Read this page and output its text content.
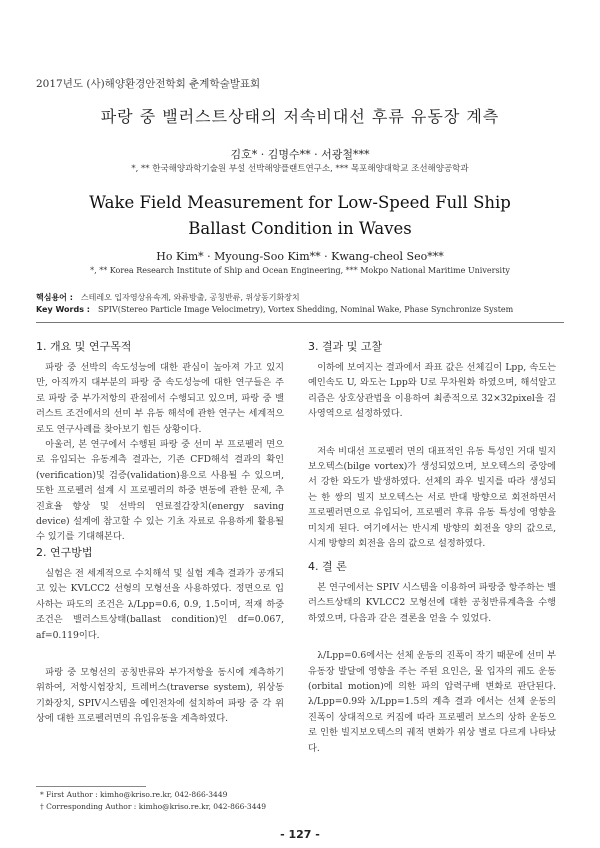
2017년도 (사)해양환경안전학회 춘계학술발표회
파랑 중 밸러스트상태의 저속비대선 후류 유동장 계측
김호* · 김명수** · 서광철***
*, ** 한국해양과학기술원 부설 선박해양플랜트연구소, *** 목포해양대학교 조선해양공학과
Wake Field Measurement for Low-Speed Full Ship
Ballast Condition in Waves
Ho Kim* · Myoung-Soo Kim** · Kwang-cheol Seo***
*, ** Korea Research Institute of Ship and Ocean Engineering, *** Mokpo National Maritime University
핵심용어 : 스테레오 입자영상유속계, 와류방출, 공칭반류, 위상동기화장치
Key Words : SPIV(Stereo Particle Image Velocimetry), Vortex Shedding, Nominal Wake, Phase Synchronize System
1. 개요 및 연구목적

파랑 중 선박의 속도성능에 대한 관심이 높아져 가고 있지만, 아직까지 대부분의 파랑 중 속도성능에 대한 연구들은 주로 파랑 중 부가저항의 관점에서 수행되고 있으며, 파랑 중 밸러스트 조건에서의 선미 부 유동 해석에 관한 연구는 세계적으로도 연구사례를 찾아보기 힘든 상황이다.

아울러, 본 연구에서 수행된 파랑 중 선미 부 프로펠러 면으로 유입되는 유동계측 결과는, 기존 CFD해석 결과의 확인(verification)및 검증(validation)용으로 사용될 수 있으며, 또한 프로펠러 설계 시 프로펠러의 하중 변동에 관한 문제, 추진효율 향상 및 선박의 연료절감장치(energy saving device) 설계에 참고할 수 있는 기초 자료로 유용하게 활용될 수 있기를 기대해본다.

2. 연구방법

실험은 전 세계적으로 수치해석 및 실험 계측 결과가 공개되고 있는 KVLCC2 선형의 모형선을 사용하였다. 정면으로 입사하는 파도의 조건은 λ/Lpp=0.6, 0.9, 1.5이며, 적재 하중 조건은 밸러스트상태(ballast condition)인 df=0.067, af=0.119이다.

파랑 중 모형선의 공칭반류와 부가저항을 동시에 계측하기 위하여, 저항시험장치, 트레버스(traverse system), 위상동기화장치, SPIV시스템을 예인전차에 설치하여 파랑 중 각 위상에 대한 프로펠러면의 유입유동을 계측하였다.

3. 결과 및 고찰

이하에 보여지는 결과에서 좌표 값은 선체길이 Lpp, 속도는 예인속도 U, 와도는 Lpp와 U로 무차원화 하였으며, 해석알고리즘은 상호상관법을 이용하여 최종적으로 32×32pixel을 검사영역으로 설정하였다.

저속 비대선 프로펠러 면의 대표적인 유동 특성인 거대 빌지 보오텍스(bilge vortex)가 생성되었으며, 보오텍스의 중앙에서 강한 와도가 발생하였다. 선체의 좌우 빌지를 따라 생성되는 한 쌍의 빌지 보오텍스는 서로 반대 방향으로 회전하면서 프로펠러면으로 유입되어, 프로펠러 후류 유동 특성에 영향을 미치게 된다. 여기에서는 반시계 방향의 회전을 양의 값으로, 시계 방향의 회전을 음의 값으로 설정하였다.

4. 결 론

본 연구에서는 SPIV 시스템을 이용하여 파랑중 항주하는 밸러스트상태의 KVLCC2 모형선에 대한 공칭반류계측을 수행하였으며, 다음과 같은 결론을 얻을 수 있었다.

λ/Lpp=0.6에서는 선체 운동의 진폭이 작기 때문에 선미 부 유동장 발달에 영향을 주는 주된 요인은, 물 입자의 궤도 운동(orbital motion)에 의한 파의 압력구배 변화로 판단된다. λ/Lpp=0.9와 λ/Lpp=1.5의 계측 결과 에서는 선체 운동의 진폭이 상대적으로 커짐에 따라 프로펠러 보스의 상하 운동으로 인한 빌지보오텍스의 궤적 변화가 위상 별로 다르게 나타났다.

* First Author : kimho@kriso.re.kr, 042-866-3449
† Corresponding Author : kimho@kriso.re.kr, 042-866-3449
- 127 -
